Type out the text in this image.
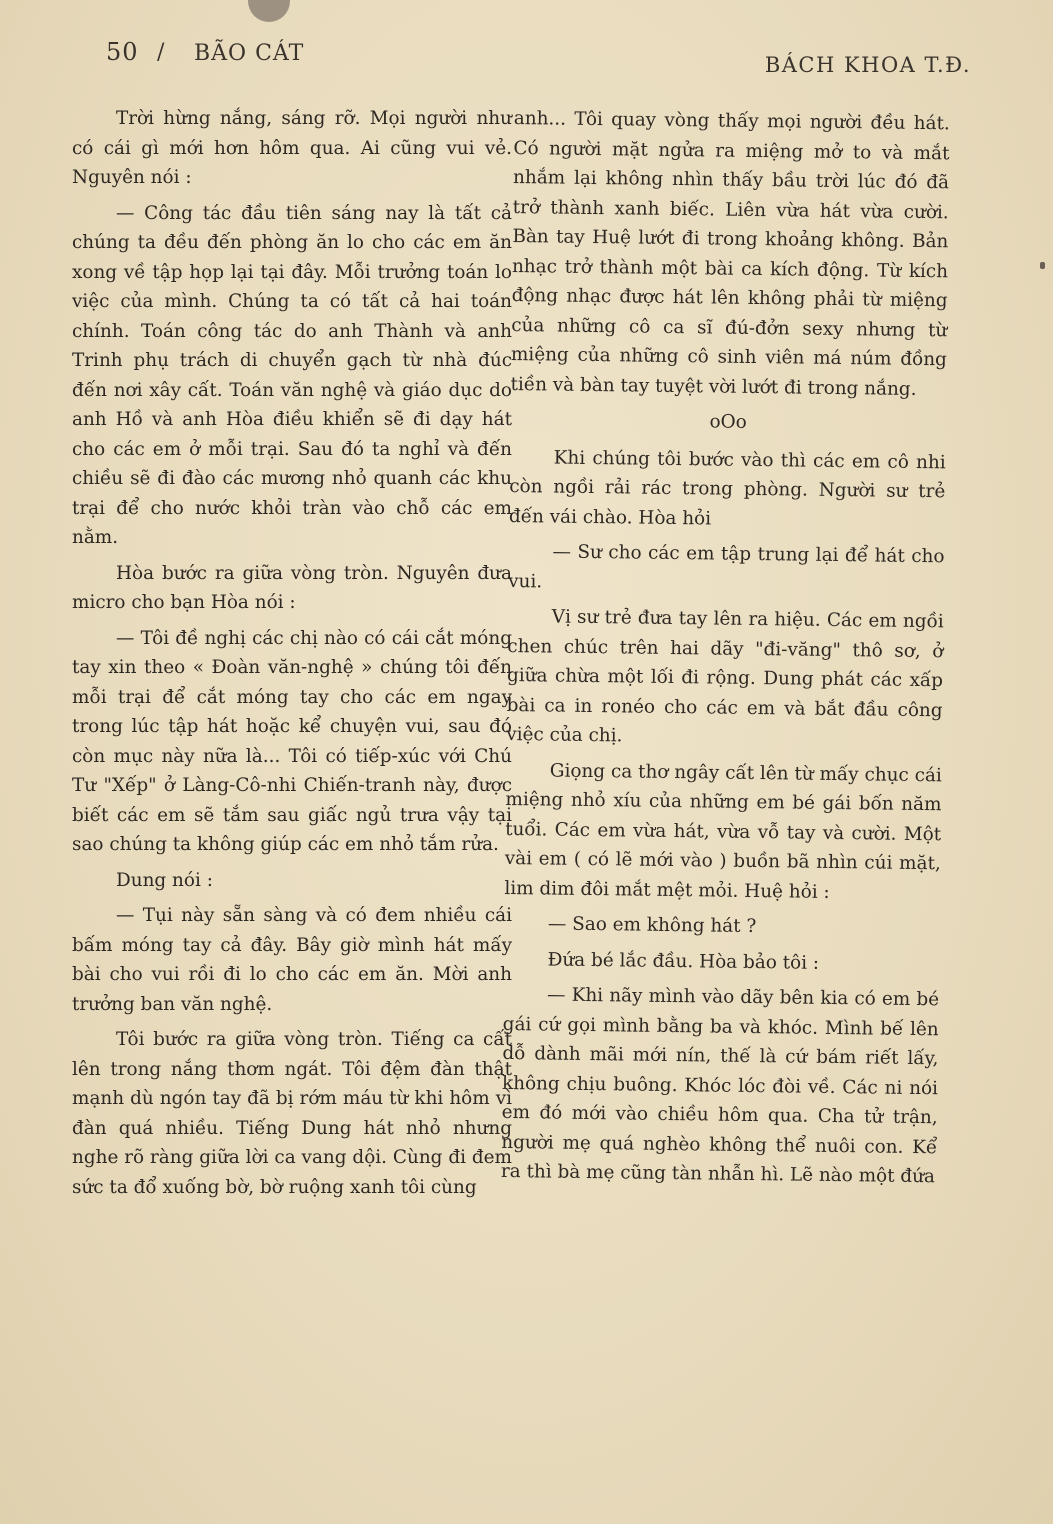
50 / BÃO CÁT	BÁCH KHOA T.Đ.

Trời hừng nắng, sáng rỡ. Mọi người như có cái gì mới hơn hôm qua. Ai cũng vui vẻ. Nguyên nói :

— Công tác đầu tiên sáng nay là tất cả chúng ta đều đến phòng ăn lo cho các em ăn xong về tập họp lại tại đây. Mỗi trưởng toán lo việc của mình. Chúng ta có tất cả hai toán chính. Toán công tác do anh Thành và anh Trinh phụ trách di chuyển gạch từ nhà đúc đến nơi xây cất. Toán văn nghệ và giáo dục do anh Hồ và anh Hòa điều khiển sẽ đi dạy hát cho các em ở mỗi trại. Sau đó ta nghỉ và đến chiều sẽ đi đào các mương nhỏ quanh các khu trại để cho nước khỏi tràn vào chỗ các em nằm.

Hòa bước ra giữa vòng tròn. Nguyên đưa micro cho bạn Hòa nói :

— Tôi đề nghị các chị nào có cái cắt móng tay xin theo « Đoàn văn-nghệ » chúng tôi đến mỗi trại để cắt móng tay cho các em ngay trong lúc tập hát hoặc kể chuyện vui, sau đó còn mục này nữa là... Tôi có tiếp-xúc với Chú Tư "Xếp" ở Làng-Cô-nhi Chiến-tranh này, được biết các em sẽ tắm sau giấc ngủ trưa vậy tại sao chúng ta không giúp các em nhỏ tắm rửa.

Dung nói :

— Tụi này sẵn sàng và có đem nhiều cái bấm móng tay cả đây. Bây giờ mình hát mấy bài cho vui rồi đi lo cho các em ăn. Mời anh trưởng ban văn nghệ.

Tôi bước ra giữa vòng tròn. Tiếng ca cất lên trong nắng thơm ngát. Tôi đệm đàn thật mạnh dù ngón tay đã bị rớm máu từ khi hôm vì đàn quá nhiều. Tiếng Dung hát nhỏ nhưng nghe rõ ràng giữa lời ca vang dội. Cùng đi đem sức ta đổ xuống bờ, bờ ruộng xanh tôi cùng

anh... Tôi quay vòng thấy mọi người đều hát. Có người mặt ngửa ra miệng mở to và mắt nhắm lại không nhìn thấy bầu trời lúc đó đã trở thành xanh biếc. Liên vừa hát vừa cười. Bàn tay Huệ lướt đi trong khoảng không. Bản nhạc trở thành một bài ca kích động. Từ kích động nhạc được hát lên không phải từ miệng của những cô ca sĩ đú-đởn sexy nhưng từ miệng của những cô sinh viên má núm đồng tiền và bàn tay tuyệt vời lướt đi trong nắng.

oOo

Khi chúng tôi bước vào thì các em cô nhi còn ngồi rải rác trong phòng. Người sư trẻ đến vái chào. Hòa hỏi

— Sư cho các em tập trung lại để hát cho vui.

Vị sư trẻ đưa tay lên ra hiệu. Các em ngồi chen chúc trên hai dãy "đi-văng" thô sơ, ở giữa chừa một lối đi rộng. Dung phát các xấp bài ca in ronéo cho các em và bắt đầu công việc của chị.

Giọng ca thơ ngây cất lên từ mấy chục cái miệng nhỏ xíu của những em bé gái bốn năm tuổi. Các em vừa hát, vừa vỗ tay và cười. Một vài em ( có lẽ mới vào ) buồn bã nhìn cúi mặt, lim dim đôi mắt mệt mỏi. Huệ hỏi :

— Sao em không hát ?

Đứa bé lắc đầu. Hòa bảo tôi :

— Khi nãy mình vào dãy bên kia có em bé gái cứ gọi mình bằng ba và khóc. Mình bế lên dỗ dành mãi mới nín, thế là cứ bám riết lấy, không chịu buông. Khóc lóc đòi về. Các ni nói em đó mới vào chiều hôm qua. Cha tử trận, người mẹ quá nghèo không thể nuôi con. Kể ra thì bà mẹ cũng tàn nhẫn hì. Lẽ nào một đứa
